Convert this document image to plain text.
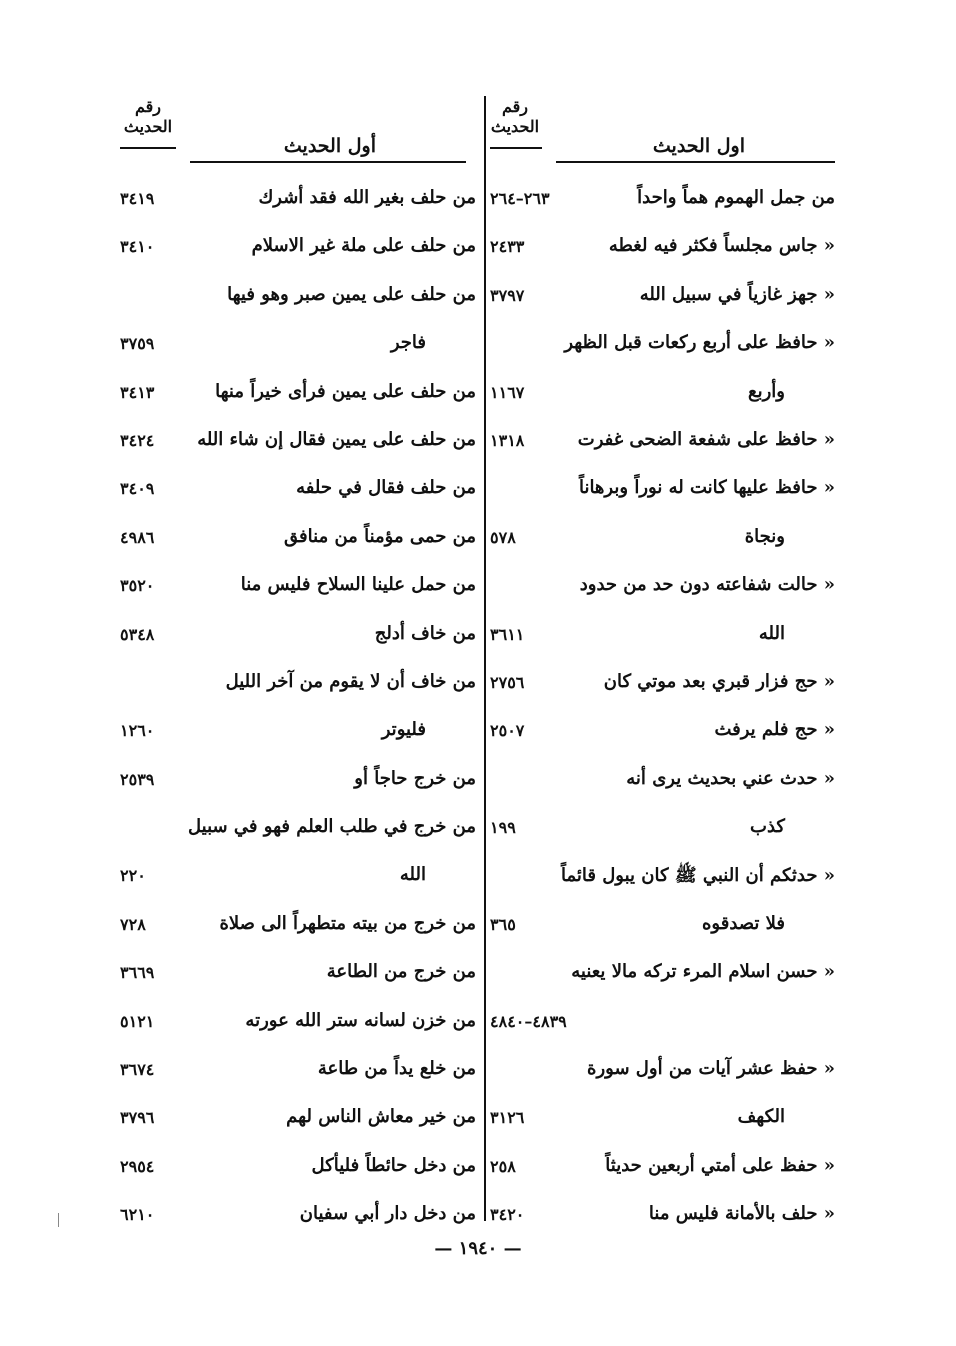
رقم
الحديث
اول الحديث
من جمل الهموم هماً واحداً
٢٦٣–٢٦٤
« جاس مجلساً فكثر فيه لغطه
٢٤٣٣
« جهز غازياً في سبيل الله
٣٧٩٧
« حافظ على أربع ركعات قبل الظهر
وأربع
١١٦٧
« حافظ على شفعة الضحى غفرت
١٣١٨
« حافظ عليها كانت له نوراً وبرهاناً
ونجاة
٥٧٨
« حالت شفاعته دون حد من حدود
الله
٣٦١١
« حج فزار قبري بعد موتي كان
٢٧٥٦
« حج فلم يرفث
٢٥٠٧
« حدث عني بحديث يرى أنه
كذب
١٩٩
« حدثكم أن النبي ﷺ كان يبول قائماً
فلا تصدقوه
٣٦٥
« حسن اسلام المرء تركه مالا يعنيه
٤٨٣٩–٤٨٤٠
« حفظ عشر آيات من أول سورة
الكهف
٣١٢٦
« حفظ على أمتي أربعين حديثاً
٢٥٨
« حلف بالأمانة فليس منا
٣٤٢٠
رقم
الحديث
أول الحديث
من حلف بغير الله فقد أشرك
٣٤١٩
من حلف على ملة غير الاسلام
٣٤١٠
من حلف على يمين صبر وهو فيها
فاجر
٣٧٥٩
من حلف على يمين فرأى خيراً منها
٣٤١٣
من حلف على يمين فقال إن شاء الله
٣٤٢٤
من حلف فقال في حلفه
٣٤٠٩
من حمى مؤمناً من منافق
٤٩٨٦
من حمل علينا السلاح فليس منا
٣٥٢٠
من خاف أدلج
٥٣٤٨
من خاف أن لا يقوم من آخر الليل
فليوتر
١٢٦٠
من خرج حاجاً أو
٢٥٣٩
من خرج في طلب العلم فهو في سبيل
الله
٢٢٠
من خرج من بيته متطهراً الى صلاة
٧٢٨
من خرج من الطاعة
٣٦٦٩
من خزن لسانه ستر الله عورته
٥١٢١
من خلع يداً من طاعة
٣٦٧٤
من خير معاش الناس لهم
٣٧٩٦
من دخل حائطاً فليأكل
٢٩٥٤
من دخل دار أبي سفيان
٦٢١٠
— ١٩٤٠ —
